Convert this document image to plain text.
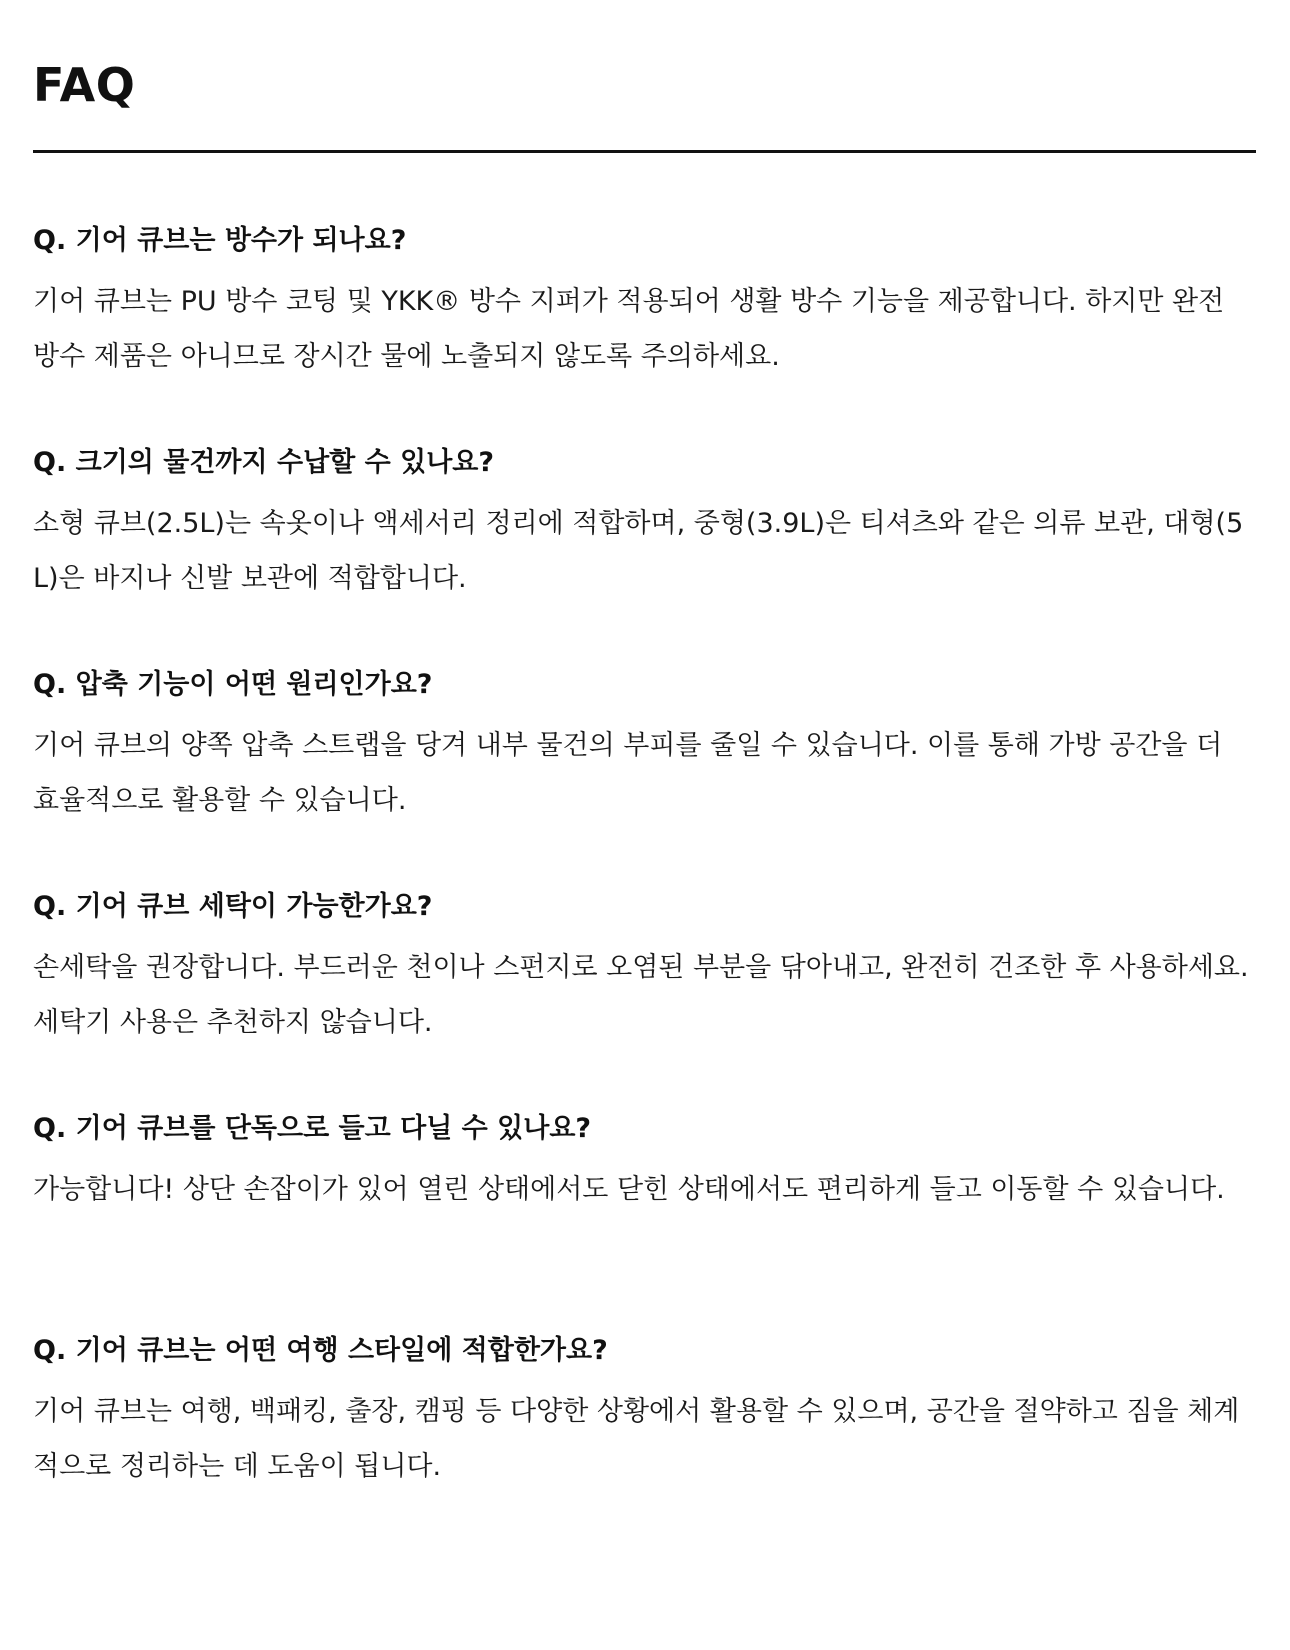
FAQ
Q. 기어 큐브는 방수가 되나요?
기어 큐브는 PU 방수 코팅 및 YKK® 방수 지퍼가 적용되어 생활 방수 기능을 제공합니다. 하지만 완전 방수 제품은 아니므로 장시간 물에 노출되지 않도록 주의하세요.
Q. 크기의 물건까지 수납할 수 있나요?
소형 큐브(2.5L)는 속옷이나 액세서리 정리에 적합하며, 중형(3.9L)은 티셔츠와 같은 의류 보관, 대형(5L)은 바지나 신발 보관에 적합합니다.
Q. 압축 기능이 어떤 원리인가요?
기어 큐브의 양쪽 압축 스트랩을 당겨 내부 물건의 부피를 줄일 수 있습니다. 이를 통해 가방 공간을 더 효율적으로 활용할 수 있습니다.
Q. 기어 큐브 세탁이 가능한가요?
손세탁을 권장합니다. 부드러운 천이나 스펀지로 오염된 부분을 닦아내고, 완전히 건조한 후 사용하세요. 세탁기 사용은 추천하지 않습니다.
Q. 기어 큐브를 단독으로 들고 다닐 수 있나요?
가능합니다! 상단 손잡이가 있어 열린 상태에서도 닫힌 상태에서도 편리하게 들고 이동할 수 있습니다.
Q. 기어 큐브는 어떤 여행 스타일에 적합한가요?
기어 큐브는 여행, 백패킹, 출장, 캠핑 등 다양한 상황에서 활용할 수 있으며, 공간을 절약하고 짐을 체계적으로 정리하는 데 도움이 됩니다.
